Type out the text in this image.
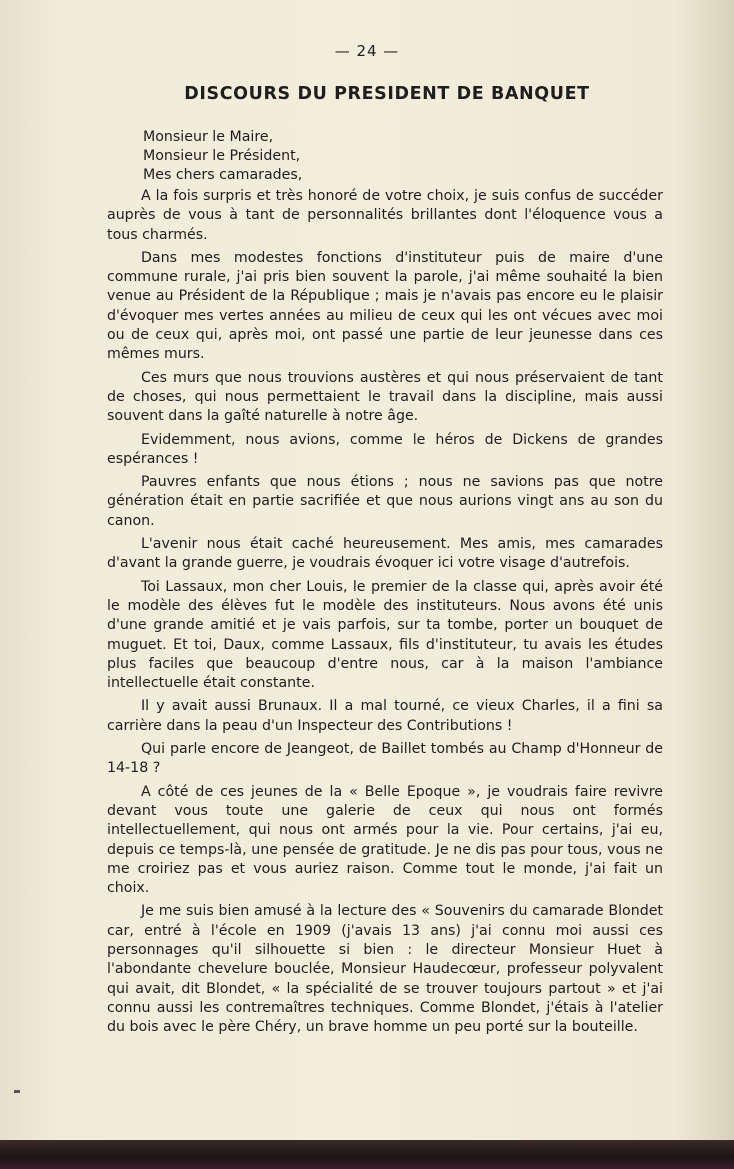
— 24 —
DISCOURS DU PRESIDENT DE BANQUET
Monsieur le Maire,
Monsieur le Président,
Mes chers camarades,

A la fois surpris et très honoré de votre choix, je suis confus de succéder auprès de vous à tant de personnalités brillantes dont l'éloquence vous a tous charmés.

Dans mes modestes fonctions d'instituteur puis de maire d'une commune rurale, j'ai pris bien souvent la parole, j'ai même souhaité la bien venue au Président de la République ; mais je n'avais pas encore eu le plaisir d'évoquer mes vertes années au milieu de ceux qui les ont vécues avec moi ou de ceux qui, après moi, ont passé une partie de leur jeunesse dans ces mêmes murs.

Ces murs que nous trouvions austères et qui nous préservaient de tant de choses, qui nous permettaient le travail dans la discipline, mais aussi souvent dans la gaîté naturelle à notre âge.

Evidemment, nous avions, comme le héros de Dickens de grandes espérances !

Pauvres enfants que nous étions ; nous ne savions pas que notre génération était en partie sacrifiée et que nous aurions vingt ans au son du canon.

L'avenir nous était caché heureusement. Mes amis, mes camarades d'avant la grande guerre, je voudrais évoquer ici votre visage d'autrefois.

Toi Lassaux, mon cher Louis, le premier de la classe qui, après avoir été le modèle des élèves fut le modèle des instituteurs. Nous avons été unis d'une grande amitié et je vais parfois, sur ta tombe, porter un bouquet de muguet. Et toi, Daux, comme Lassaux, fils d'instituteur, tu avais les études plus faciles que beaucoup d'entre nous, car à la maison l'ambiance intellectuelle était constante.

Il y avait aussi Brunaux. Il a mal tourné, ce vieux Charles, il a fini sa carrière dans la peau d'un Inspecteur des Contributions !

Qui parle encore de Jeangeot, de Baillet tombés au Champ d'Honneur de 14-18 ?

A côté de ces jeunes de la « Belle Epoque », je voudrais faire revivre devant vous toute une galerie de ceux qui nous ont formés intellectuellement, qui nous ont armés pour la vie. Pour certains, j'ai eu, depuis ce temps-là, une pensée de gratitude. Je ne dis pas pour tous, vous ne me croiriez pas et vous auriez raison. Comme tout le monde, j'ai fait un choix.

Je me suis bien amusé à la lecture des « Souvenirs du camarade Blondet car, entré à l'école en 1909 (j'avais 13 ans) j'ai connu moi aussi ces personnages qu'il silhouette si bien : le directeur Monsieur Huet à l'abondante chevelure bouclée, Monsieur Haudecœur, professeur polyvalent qui avait, dit Blondet, « la spécialité de se trouver toujours partout » et j'ai connu aussi les contremaîtres techniques. Comme Blondet, j'étais à l'atelier du bois avec le père Chéry, un brave homme un peu porté sur la bouteille.
